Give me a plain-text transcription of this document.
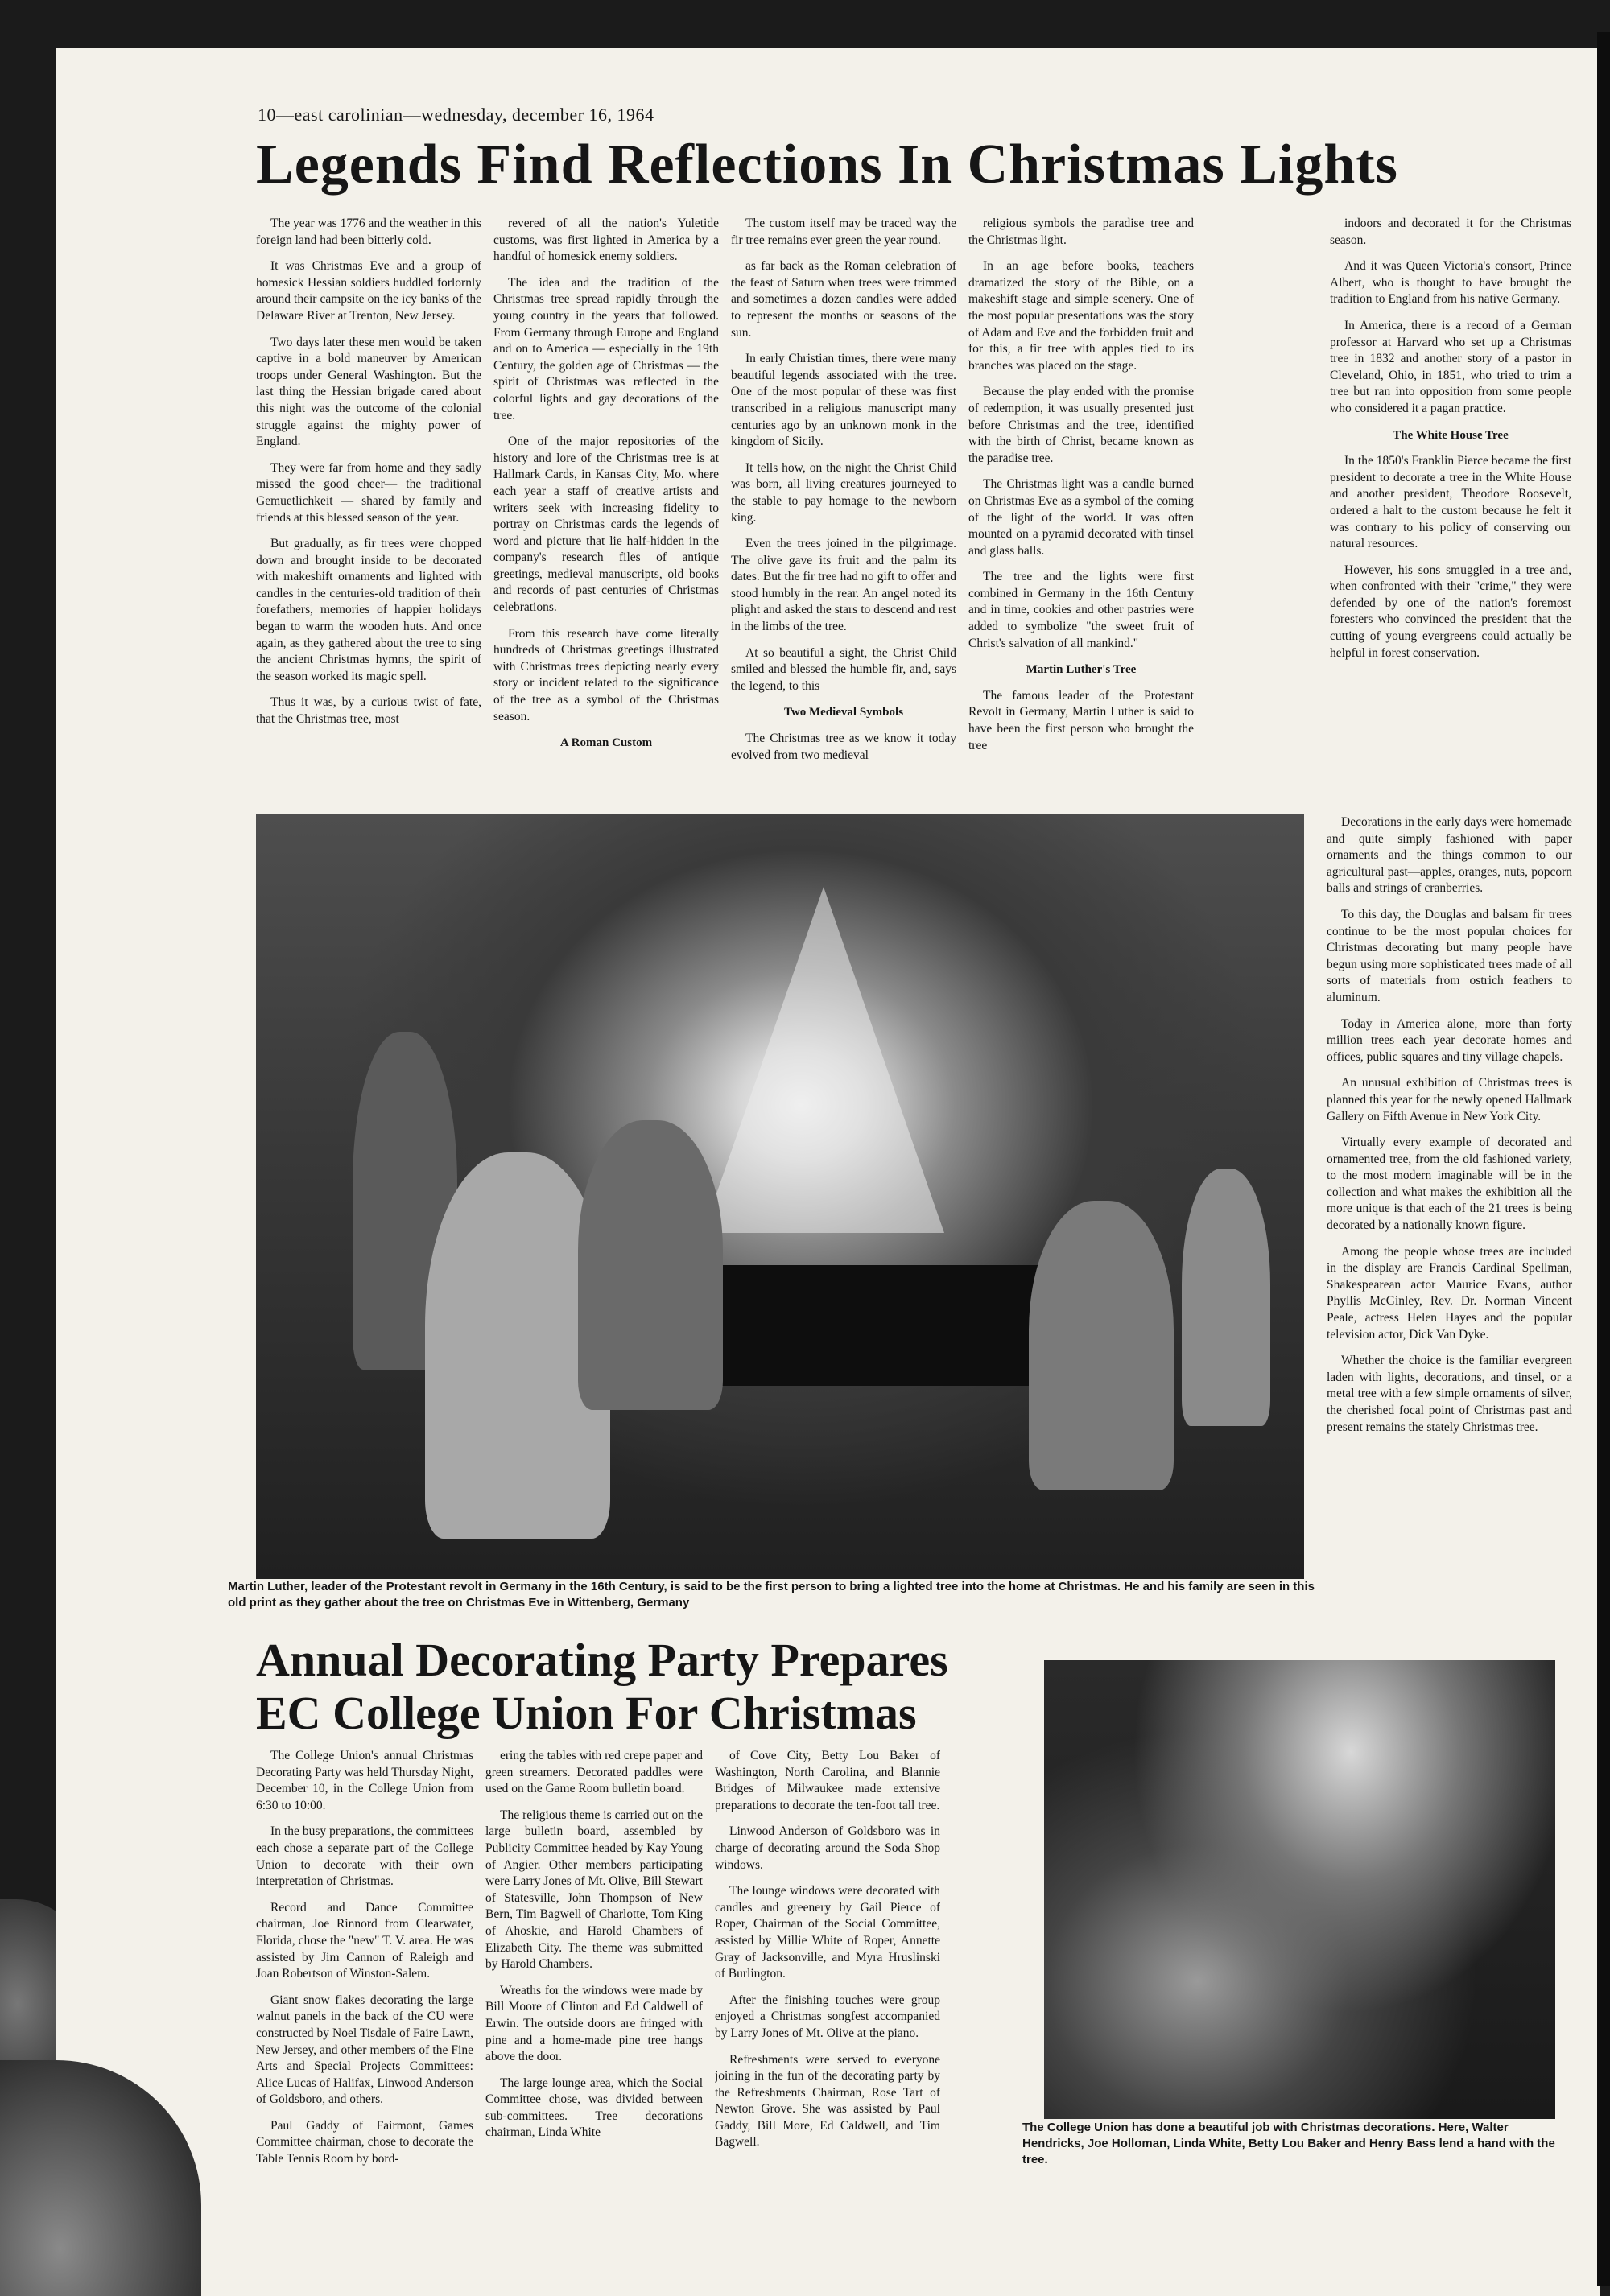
10—east carolinian—wednesday, december 16, 1964
Legends Find Reflections In Christmas Lights

The year was 1776 and the weather in this foreign land had been bitterly cold.

It was Christmas Eve and a group of homesick Hessian soldiers huddled forlornly around their campsite on the icy banks of the Delaware River at Trenton, New Jersey.

Two days later these men would be taken captive in a bold maneuver by American troops under General Washington. But the last thing the Hessian brigade cared about this night was the outcome of the colonial struggle against the mighty power of England.

They were far from home and they sadly missed the good cheer— the traditional Gemuetlichkeit — shared by family and friends at this blessed season of the year.

But gradually, as fir trees were chopped down and brought inside to be decorated with makeshift ornaments and lighted with candles in the centuries-old tradition of their forefathers, memories of happier holidays began to warm the wooden huts. And once again, as they gathered about the tree to sing the ancient Christmas hymns, the spirit of the season worked its magic spell.

Thus it was, by a curious twist of fate, that the Christmas tree, most

revered of all the nation's Yuletide customs, was first lighted in America by a handful of homesick enemy soldiers.

The idea and the tradition of the Christmas tree spread rapidly through the young country in the years that followed. From Germany through Europe and England and on to America — especially in the 19th Century, the golden age of Christmas — the spirit of Christmas was reflected in the colorful lights and gay decorations of the tree.

One of the major repositories of the history and lore of the Christmas tree is at Hallmark Cards, in Kansas City, Mo. where each year a staff of creative artists and writers seek with increasing fidelity to portray on Christmas cards the legends of word and picture that lie half-hidden in the company's research files of antique greetings, medieval manuscripts, old books and records of past centuries of Christmas celebrations.

From this research have come literally hundreds of Christmas greetings illustrated with Christmas trees depicting nearly every story or incident related to the significance of the tree as a symbol of the Christmas season.

A Roman Custom

The custom itself may be traced way the fir tree remains ever green the year round.

as far back as the Roman celebration of the feast of Saturn when trees were trimmed and sometimes a dozen candles were added to represent the months or seasons of the sun.

In early Christian times, there were many beautiful legends associated with the tree. One of the most popular of these was first transcribed in a religious manuscript many centuries ago by an unknown monk in the kingdom of Sicily.

It tells how, on the night the Christ Child was born, all living creatures journeyed to the stable to pay homage to the newborn king.

Even the trees joined in the pilgrimage. The olive gave its fruit and the palm its dates. But the fir tree had no gift to offer and stood humbly in the rear. An angel noted its plight and asked the stars to descend and rest in the limbs of the tree.

At so beautiful a sight, the Christ Child smiled and blessed the humble fir, and, says the legend, to this

Two Medieval Symbols

The Christmas tree as we know it today evolved from two medieval

religious symbols the paradise tree and the Christmas light.

In an age before books, teachers dramatized the story of the Bible, on a makeshift stage and simple scenery. One of the most popular presentations was the story of Adam and Eve and the forbidden fruit and for this, a fir tree with apples tied to its branches was placed on the stage.

Because the play ended with the promise of redemption, it was usually presented just before Christmas and the tree, identified with the birth of Christ, became known as the paradise tree.

The Christmas light was a candle burned on Christmas Eve as a symbol of the coming of the light of the world. It was often mounted on a pyramid decorated with tinsel and glass balls.

The tree and the lights were first combined in Germany in the 16th Century and in time, cookies and other pastries were added to symbolize "the sweet fruit of Christ's salvation of all mankind."

Martin Luther's Tree

The famous leader of the Protestant Revolt in Germany, Martin Luther is said to have been the first person who brought the tree

indoors and decorated it for the Christmas season.

And it was Queen Victoria's consort, Prince Albert, who is thought to have brought the tradition to England from his native Germany.

In America, there is a record of a German professor at Harvard who set up a Christmas tree in 1832 and another story of a pastor in Cleveland, Ohio, in 1851, who tried to trim a tree but ran into opposition from some people who considered it a pagan practice.

The White House Tree

In the 1850's Franklin Pierce became the first president to decorate a tree in the White House and another president, Theodore Roosevelt, ordered a halt to the custom because he felt it was contrary to his policy of conserving our natural resources.

However, his sons smuggled in a tree and, when confronted with their "crime," they were defended by one of the nation's foremost foresters who convinced the president that the cutting of young evergreens could actually be helpful in forest conservation.

Decorations in the early days were homemade and quite simply fashioned with paper ornaments and the things common to our agricultural past—apples, oranges, nuts, popcorn balls and strings of cranberries.

To this day, the Douglas and balsam fir trees continue to be the most popular choices for Christmas decorating but many people have begun using more sophisticated trees made of all sorts of materials from ostrich feathers to aluminum.

Today in America alone, more than forty million trees each year decorate homes and offices, public squares and tiny village chapels.

An unusual exhibition of Christmas trees is planned this year for the newly opened Hallmark Gallery on Fifth Avenue in New York City.

Virtually every example of decorated and ornamented tree, from the old fashioned variety, to the most modern imaginable will be in the collection and what makes the exhibition all the more unique is that each of the 21 trees is being decorated by a nationally known figure.

Among the people whose trees are included in the display are Francis Cardinal Spellman, Shakespearean actor Maurice Evans, author Phyllis McGinley, Rev. Dr. Norman Vincent Peale, actress Helen Hayes and the popular television actor, Dick Van Dyke.

Whether the choice is the familiar evergreen laden with lights, decorations, and tinsel, or a metal tree with a few simple ornaments of silver, the cherished focal point of Christmas past and present remains the stately Christmas tree.

Martin Luther, leader of the Protestant revolt in Germany in the 16th Century, is said to be the first person to bring a lighted tree into the home at Christmas. He and his family are seen in this old print as they gather about the tree on Christmas Eve in Wittenberg, Germany
Annual Decorating Party Prepares
EC College Union For Christmas

The College Union's annual Christmas Decorating Party was held Thursday Night, December 10, in the College Union from 6:30 to 10:00.

In the busy preparations, the committees each chose a separate part of the College Union to decorate with their own interpretation of Christmas.

Record and Dance Committee chairman, Joe Rinnord from Clearwater, Florida, chose the "new" T. V. area. He was assisted by Jim Cannon of Raleigh and Joan Robertson of Winston-Salem.

Giant snow flakes decorating the large walnut panels in the back of the CU were constructed by Noel Tisdale of Faire Lawn, New Jersey, and other members of the Fine Arts and Special Projects Committees: Alice Lucas of Halifax, Linwood Anderson of Goldsboro, and others.

Paul Gaddy of Fairmont, Games Committee chairman, chose to decorate the Table Tennis Room by bord-

ering the tables with red crepe paper and green streamers. Decorated paddles were used on the Game Room bulletin board.

The religious theme is carried out on the large bulletin board, assembled by Publicity Committee headed by Kay Young of Angier. Other members participating were Larry Jones of Mt. Olive, Bill Stewart of Statesville, John Thompson of New Bern, Tim Bagwell of Charlotte, Tom King of Ahoskie, and Harold Chambers of Elizabeth City. The theme was submitted by Harold Chambers.

Wreaths for the windows were made by Bill Moore of Clinton and Ed Caldwell of Erwin. The outside doors are fringed with pine and a home-made pine tree hangs above the door.

The large lounge area, which the Social Committee chose, was divided between sub-committees. Tree decorations chairman, Linda White

of Cove City, Betty Lou Baker of Washington, North Carolina, and Blannie Bridges of Milwaukee made extensive preparations to decorate the ten-foot tall tree.

Linwood Anderson of Goldsboro was in charge of decorating around the Soda Shop windows.

The lounge windows were decorated with candles and greenery by Gail Pierce of Roper, Chairman of the Social Committee, assisted by Millie White of Roper, Annette Gray of Jacksonville, and Myra Hruslinski of Burlington.

After the finishing touches were group enjoyed a Christmas songfest accompanied by Larry Jones of Mt. Olive at the piano.

Refreshments were served to everyone joining in the fun of the decorating party by the Refreshments Chairman, Rose Tart of Newton Grove. She was assisted by Paul Gaddy, Bill More, Ed Caldwell, and Tim Bagwell.

The College Union has done a beautiful job with Christmas decorations. Here, Walter Hendricks, Joe Holloman, Linda White, Betty Lou Baker and Henry Bass lend a hand with the tree.
